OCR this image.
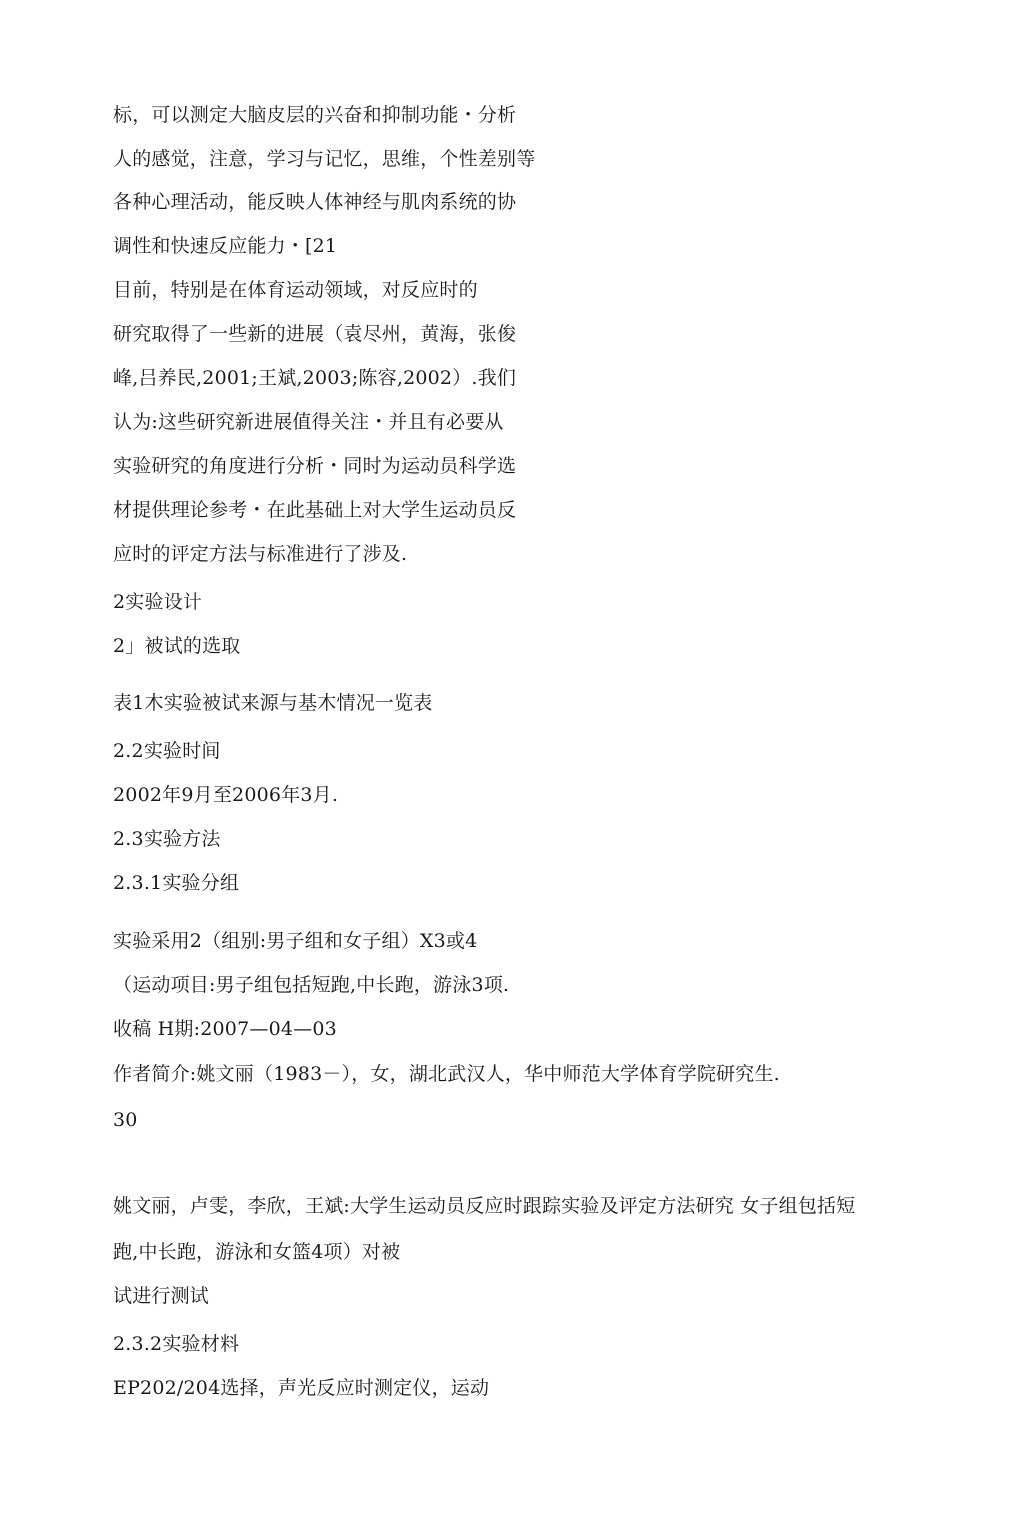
标，可以测定大脑皮层的兴奋和抑制功能・分析
人的感觉，注意，学习与记忆，思维，个性差别等
各种心理活动，能反映人体神经与肌肉系统的协
调性和快速反应能力・[21
目前，特别是在体育运动领域，对反应时的
研究取得了一些新的进展（袁尽州，黄海，张俊
峰,吕养民,2001;王斌,2003;陈容,2002）.我们
认为:这些研究新进展值得关注・并且有必要从
实验研究的角度进行分析・同时为运动员科学选
材提供理论参考・在此基础上对大学生运动员反
应时的评定方法与标准进行了涉及.
2实验设计
2」被试的选取
表1木实验被试来源与基木情况一览表
2.2实验时间
2002年9月至2006年3月.
2.3实验方法
2.3.1实验分组
实验采用2（组别:男子组和女子组）X3或4
（运动项目:男子组包括短跑,中长跑，游泳3项.
收稿 H期:2007—04—03
作者简介:姚文丽（1983－），女，湖北武汉人，华中师范大学体育学院研究生.
30
姚文丽，卢雯，李欣，王斌:大学生运动员反应时跟踪实验及评定方法研究 女子组包括短
跑,中长跑，游泳和女篮4项）对被
试进行测试
2.3.2实验材料
EP202/204选择，声光反应时测定仪，运动
